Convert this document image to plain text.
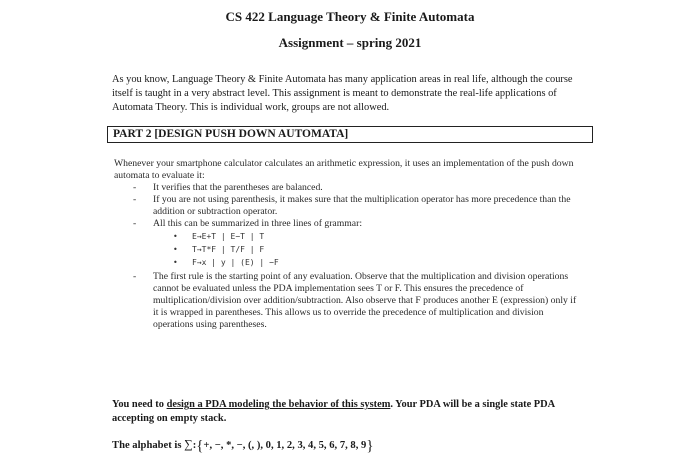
CS 422 Language Theory & Finite Automata
Assignment – spring 2021

As you know, Language Theory & Finite Automata has many application areas in real life, although the course itself is taught in a very abstract level. This assignment is meant to demonstrate the real-life applications of Automata Theory. This is individual work, groups are not allowed.

PART 2 [DESIGN PUSH DOWN AUTOMATA]

Whenever your smartphone calculator calculates an arithmetic expression, it uses an implementation of the push down automata to evaluate it:

- It verifies that the parentheses are balanced.
- If you are not using parenthesis, it makes sure that the multiplication operator has more precedence than the addition or subtraction operator.
- All this can be summarized in three lines of grammar:
• E→E+T | E−T | T
• T→T*F | T/F | F
• F→x | y | (E) | −F
- The first rule is the starting point of any evaluation. Observe that the multiplication and division operations cannot be evaluated unless the PDA implementation sees T or F. This ensures the precedence of multiplication/division over addition/subtraction. Also observe that F produces another E (expression) only if it is wrapped in parentheses. This allows us to override the precedence of multiplication and division operations using parentheses.

You need to design a PDA modeling the behavior of this system. Your PDA will be a single state PDA accepting on empty stack.

The alphabet is ∑:{+, −, *, −, (, ), 0, 1, 2, 3, 4, 5, 6, 7, 8, 9}
